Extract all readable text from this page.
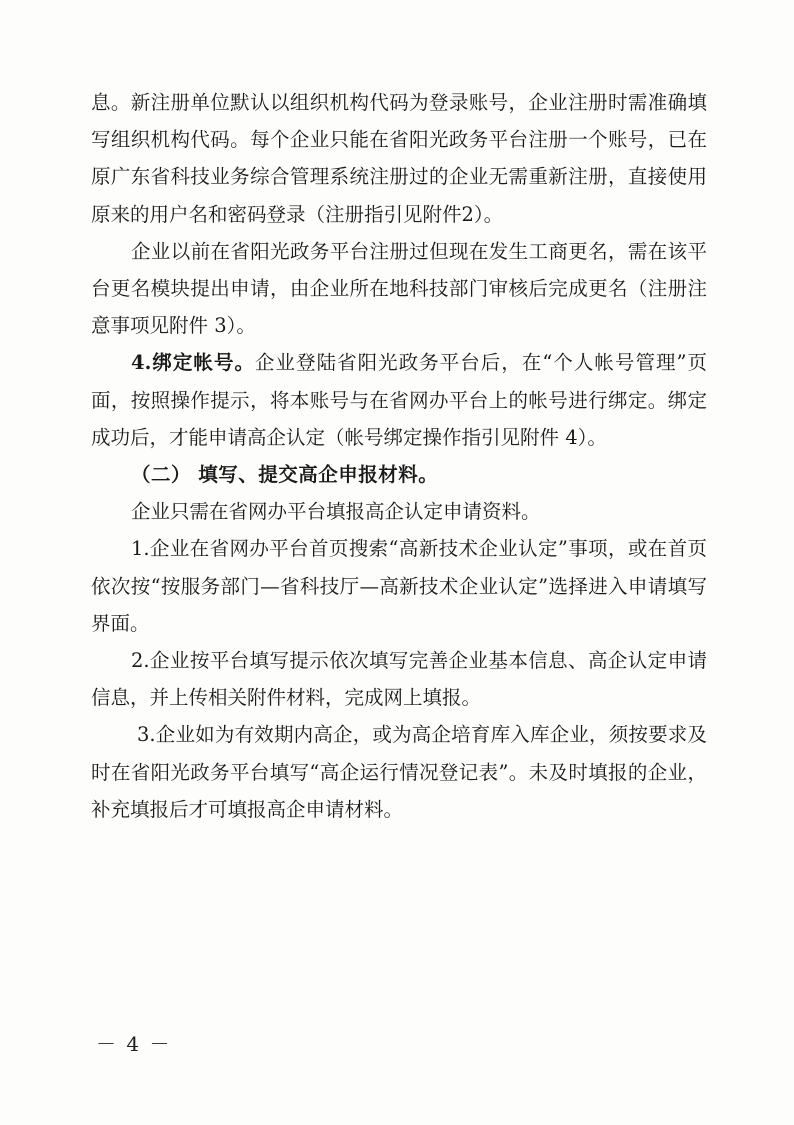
息。新注册单位默认以组织机构代码为登录账号，企业注册时需准确填写组织机构代码。每个企业只能在省阳光政务平台注册一个账号，已在原广东省科技业务综合管理系统注册过的企业无需重新注册，直接使用原来的用户名和密码登录（注册指引见附件2）。

企业以前在省阳光政务平台注册过但现在发生工商更名，需在该平台更名模块提出申请，由企业所在地科技部门审核后完成更名（注册注意事项见附件 3）。

4.绑定帐号。企业登陆省阳光政务平台后，在“个人帐号管理”页面，按照操作提示，将本账号与在省网办平台上的帐号进行绑定。绑定成功后，才能申请高企认定（帐号绑定操作指引见附件 4）。

（二） 填写、提交高企申报材料。

企业只需在省网办平台填报高企认定申请资料。

1.企业在省网办平台首页搜索“高新技术企业认定”事项，或在首页依次按“按服务部门—省科技厅—高新技术企业认定”选择进入申请填写界面。

2.企业按平台填写提示依次填写完善企业基本信息、高企认定申请信息，并上传相关附件材料，完成网上填报。

3.企业如为有效期内高企，或为高企培育库入库企业，须按要求及时在省阳光政务平台填写“高企运行情况登记表”。未及时填报的企业，补充填报后才可填报高企申请材料。

－ 4 －
